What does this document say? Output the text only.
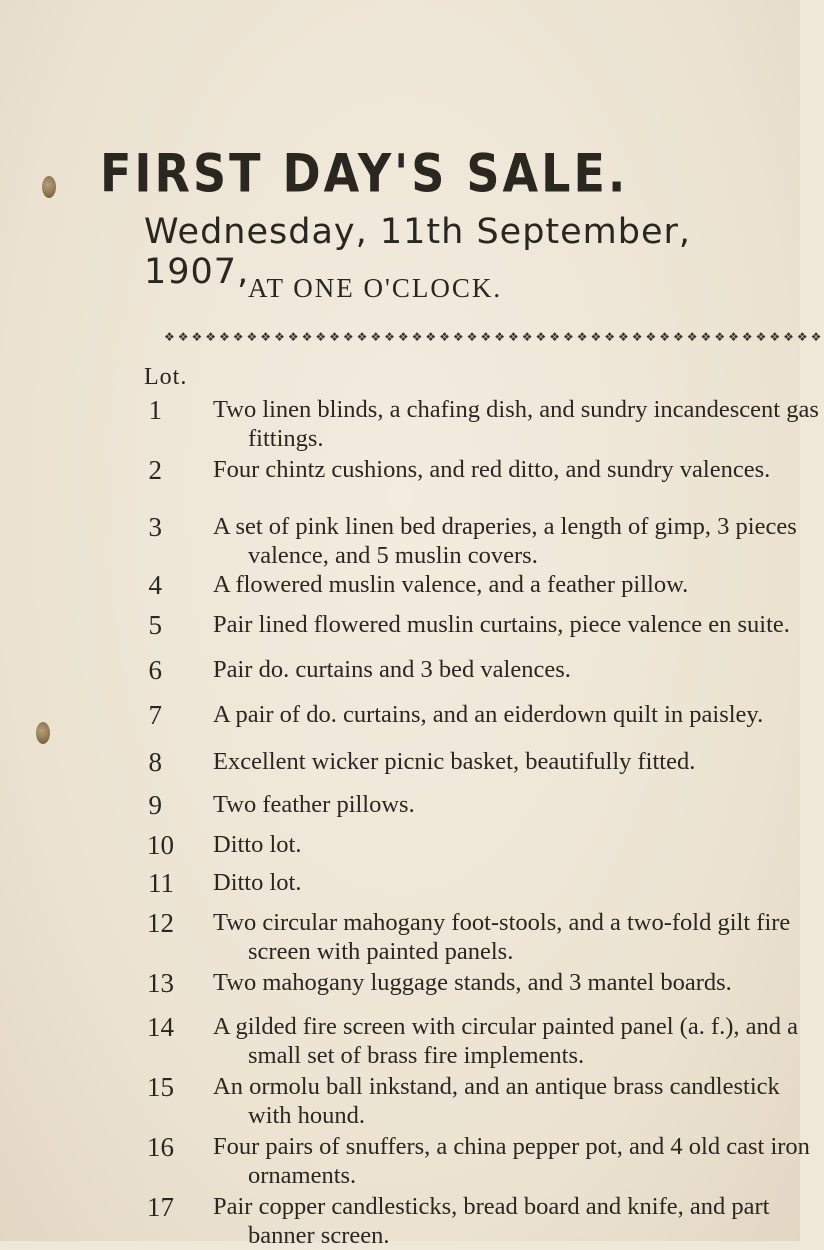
FIRST DAY'S SALE.
Wednesday, 11th September, 1907,
AT ONE O'CLOCK.
❖❖❖❖❖❖❖❖❖❖❖❖❖❖❖❖❖❖❖❖❖❖❖❖❖❖❖❖❖❖❖❖❖❖❖❖❖❖❖❖❖❖❖❖❖❖❖❖
Lot.
1 Two linen blinds, a chafing dish, and sundry incandescent gas fittings.
2 Four chintz cushions, and red ditto, and sundry valences.
3 A set of pink linen bed draperies, a length of gimp, 3 pieces valence, and 5 muslin covers.
4 A flowered muslin valence, and a feather pillow.
5 Pair lined flowered muslin curtains, piece valence en suite.
6 Pair do. curtains and 3 bed valences.
7 A pair of do. curtains, and an eiderdown quilt in paisley.
8 Excellent wicker picnic basket, beautifully fitted.
9 Two feather pillows.
10 Ditto lot.
11 Ditto lot.
12 Two circular mahogany foot-stools, and a two-fold gilt fire screen with painted panels.
13 Two mahogany luggage stands, and 3 mantel boards.
14 A gilded fire screen with circular painted panel (a. f.), and a small set of brass fire implements.
15 An ormolu ball inkstand, and an antique brass candlestick with hound.
16 Four pairs of snuffers, a china pepper pot, and 4 old cast iron ornaments.
17 Pair copper candlesticks, bread board and knife, and part banner screen.
